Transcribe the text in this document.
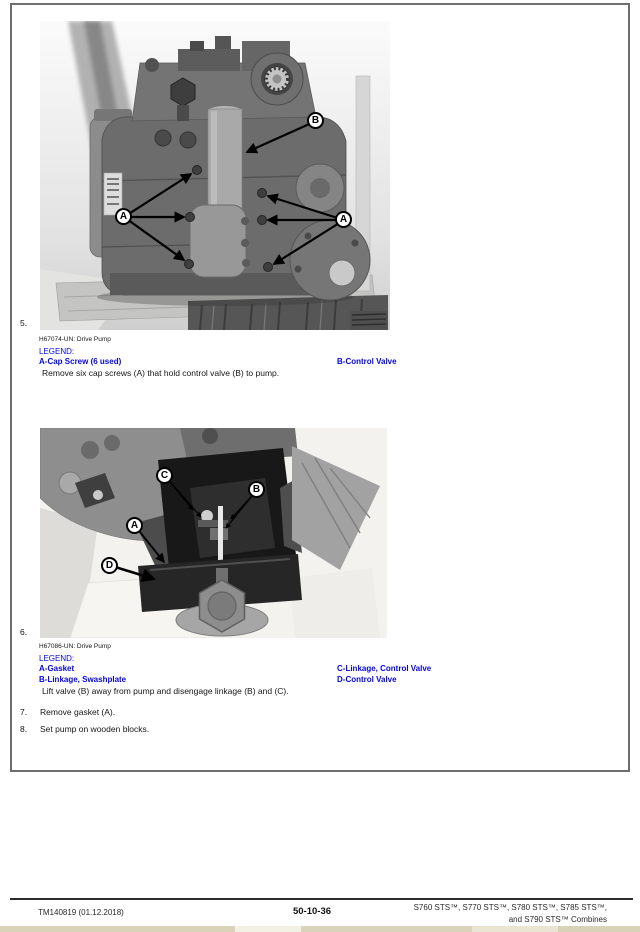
5.
A
B
A
H67074-UN: Drive Pump
LEGEND:
A-Cap Screw (6 used)	B-Control Valve
Remove six cap screws (A) that hold control valve (B) to pump.
C
B
A
D
6.
H67086-UN: Drive Pump
LEGEND:
A-Gasket	C-Linkage, Control Valve
B-Linkage, Swashplate	D-Control Valve
Lift valve (B) away from pump and disengage linkage (B) and (C).
7. Remove gasket (A).
8. Set pump on wooden blocks.
TM140819 (01.12.2018)	50-10-36	S760 STS™, S770 STS™, S780 STS™, S785 STS™,
and S790 STS™ Combines
